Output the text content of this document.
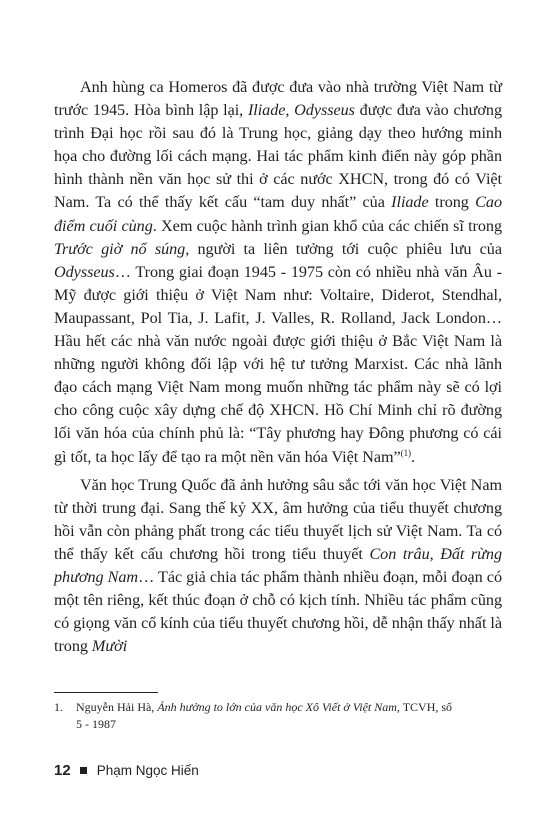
Anh hùng ca Homeros đã được đưa vào nhà trường Việt Nam từ trước 1945. Hòa bình lập lại, Iliade, Odysseus được đưa vào chương trình Đại học rồi sau đó là Trung học, giảng dạy theo hướng minh họa cho đường lối cách mạng. Hai tác phẩm kinh điển này góp phần hình thành nền văn học sử thi ở các nước XHCN, trong đó có Việt Nam. Ta có thể thấy kết cấu “tam duy nhất” của Iliade trong Cao điểm cuối cùng. Xem cuộc hành trình gian khổ của các chiến sĩ trong Trước giờ nổ súng, người ta liên tưởng tới cuộc phiêu lưu của Odysseus… Trong giai đoạn 1945 - 1975 còn có nhiều nhà văn Âu - Mỹ được giới thiệu ở Việt Nam như: Voltaire, Diderot, Stendhal, Maupassant, Pol Tia, J. Lafit, J. Valles, R. Rolland, Jack London… Hầu hết các nhà văn nước ngoài được giới thiệu ở Bắc Việt Nam là những người không đối lập với hệ tư tưởng Marxist. Các nhà lãnh đạo cách mạng Việt Nam mong muốn những tác phẩm này sẽ có lợi cho công cuộc xây dựng chế độ XHCN. Hồ Chí Minh chỉ rõ đường lối văn hóa của chính phủ là: “Tây phương hay Đông phương có cái gì tốt, ta học lấy để tạo ra một nền văn hóa Việt Nam”$^{(1)}$.

Văn học Trung Quốc đã ảnh hưởng sâu sắc tới văn học Việt Nam từ thời trung đại. Sang thế kỷ XX, âm hưởng của tiểu thuyết chương hồi vẫn còn phảng phất trong các tiểu thuyết lịch sử Việt Nam. Ta có thể thấy kết cấu chương hồi trong tiểu thuyết Con trâu, Đất rừng phương Nam… Tác giả chia tác phẩm thành nhiều đoạn, mỗi đoạn có một tên riêng, kết thúc đoạn ở chỗ có kịch tính. Nhiều tác phẩm cũng có giọng văn cổ kính của tiểu thuyết chương hồi, dễ nhận thấy nhất là trong Mười

1. Nguyễn Hải Hà, Ảnh hưởng to lớn của văn học Xô Viết ở Việt Nam, TCVH, số
5 - 1987
12 Phạm Ngọc Hiến
